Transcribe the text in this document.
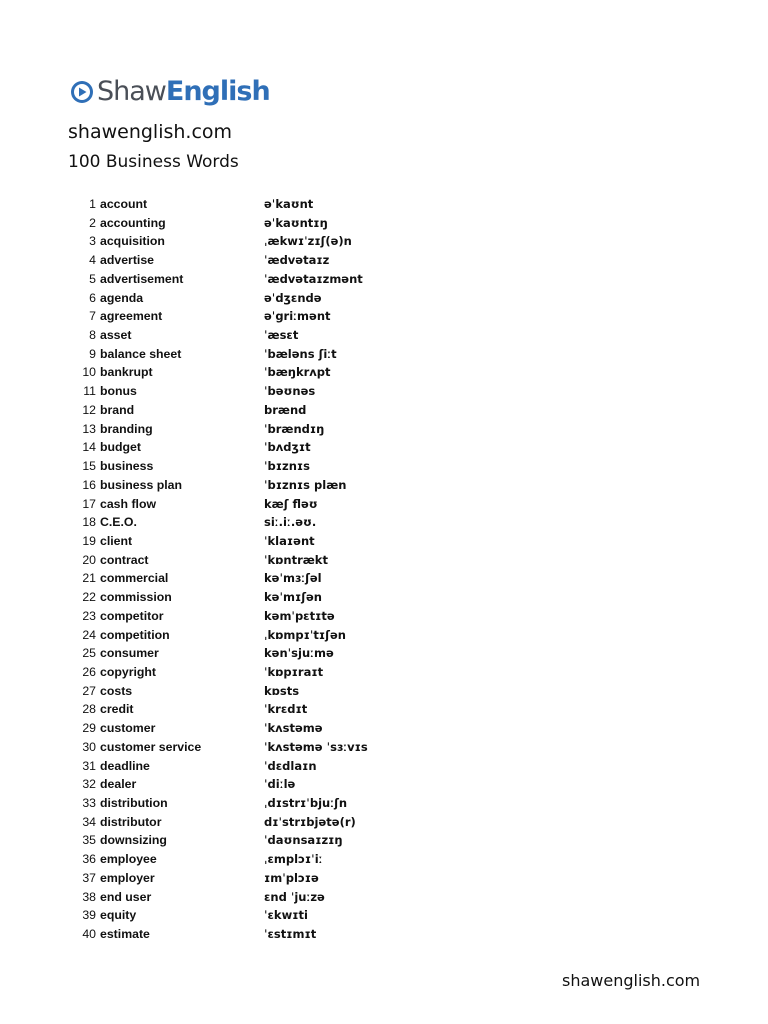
ShawEnglish
shawenglish.com
100 Business Words
1 account	əˈkaʊnt
2 accounting	əˈkaʊntɪŋ
3 acquisition	ˌækwɪˈzɪʃ(ə)n
4 advertise	ˈædvətaɪz
5 advertisement	ˈædvətaɪzmənt
6 agenda	əˈdʒɛndə
7 agreement	əˈgriːmənt
8 asset	ˈæsɛt
9 balance sheet	ˈbæləns ʃiːt
10 bankrupt	ˈbæŋkrʌpt
11 bonus	ˈbəʊnəs
12 brand	brænd
13 branding	ˈbrændɪŋ
14 budget	ˈbʌdʒɪt
15 business	ˈbɪznɪs
16 business plan	ˈbɪznɪs plæn
17 cash flow	kæʃ fləʊ
18 C.E.O.	siː.iː.əʊ.
19 client	ˈklaɪənt
20 contract	ˈkɒntrækt
21 commercial	kəˈmɜːʃəl
22 commission	kəˈmɪʃən
23 competitor	kəmˈpɛtɪtə
24 competition	ˌkɒmpɪˈtɪʃən
25 consumer	kənˈsjuːmə
26 copyright	ˈkɒpɪraɪt
27 costs	kɒsts
28 credit	ˈkrɛdɪt
29 customer	ˈkʌstəmə
30 customer service	ˈkʌstəmə ˈsɜːvɪs
31 deadline	ˈdɛdlaɪn
32 dealer	ˈdiːlə
33 distribution	ˌdɪstrɪˈbjuːʃn
34 distributor	dɪˈstrɪbjətə(r)
35 downsizing	ˈdaʊnsaɪzɪŋ
36 employee	ˌɛmplɔɪˈiː
37 employer	ɪmˈplɔɪə
38 end user	ɛnd ˈjuːzə
39 equity	ˈɛkwɪti
40 estimate	ˈɛstɪmɪt
shawenglish.com
